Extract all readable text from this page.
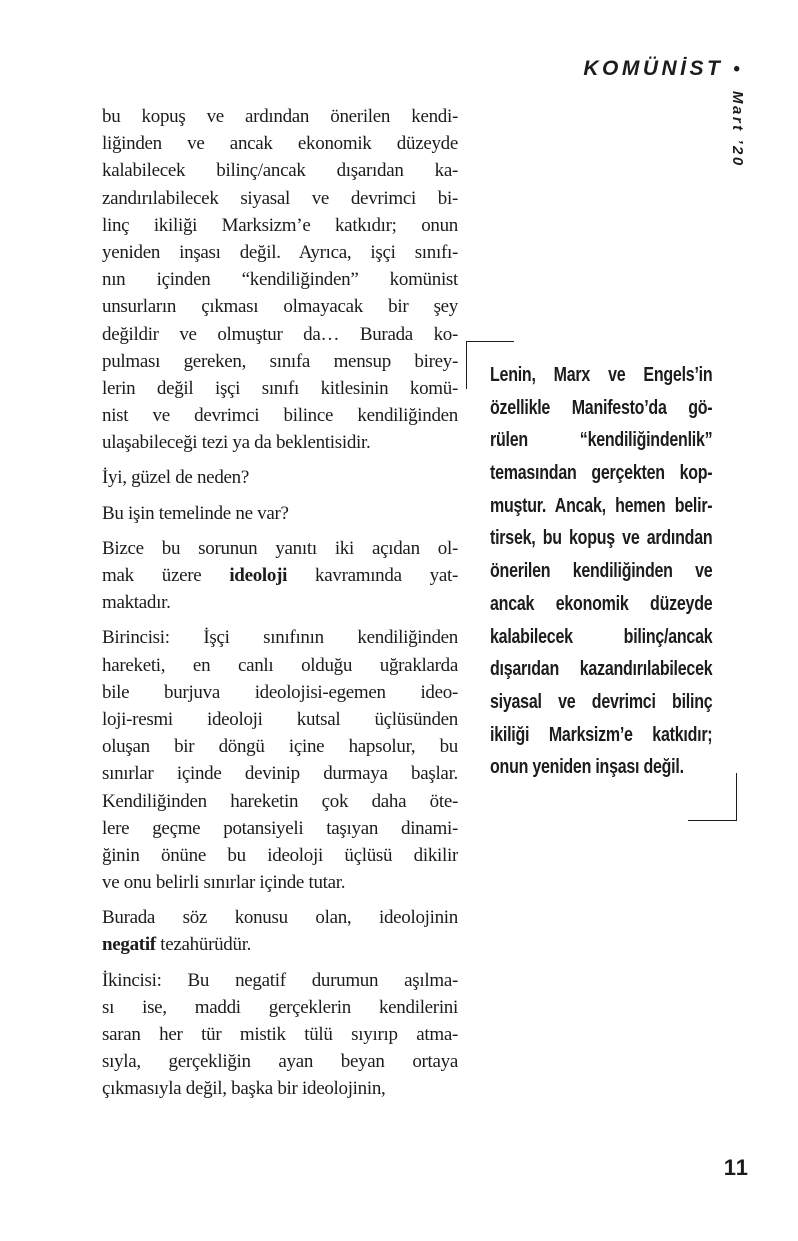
KOMÜNİST •
Mart ’20
bu kopuş ve ardından önerilen kendi-
liğinden ve ancak ekonomik düzeyde
kalabilecek bilinç/ancak dışarıdan ka-
zandırılabilecek siyasal ve devrimci bi-
linç ikiliği Marksizm’e katkıdır; onun
yeniden inşası değil. Ayrıca, işçi sınıfı-
nın içinden “kendiliğinden” komünist
unsurların çıkması olmayacak bir şey
değildir ve olmuştur da… Burada ko-
pulması gereken, sınıfa mensup birey-
lerin değil işçi sınıfı kitlesinin komü-
nist ve devrimci bilince kendiliğinden
ulaşabileceği tezi ya da beklentisidir.
İyi, güzel de neden?
Bu işin temelinde ne var?
Bizce bu sorunun yanıtı iki açıdan ol-
mak üzere ideoloji kavramında yat-
maktadır.
Birincisi: İşçi sınıfının kendiliğinden
hareketi, en canlı olduğu uğraklarda
bile burjuva ideolojisi-egemen ideo-
loji-resmi ideoloji kutsal üçlüsünden
oluşan bir döngü içine hapsolur, bu
sınırlar içinde devinip durmaya başlar.
Kendiliğinden hareketin çok daha öte-
lere geçme potansiyeli taşıyan dinami-
ğinin önüne bu ideoloji üçlüsü dikilir
ve onu belirli sınırlar içinde tutar.
Burada söz konusu olan, ideolojinin
negatif tezahürüdür.
İkincisi: Bu negatif durumun aşılma-
sı ise, maddi gerçeklerin kendilerini
saran her tür mistik tülü sıyırıp atma-
sıyla, gerçekliğin ayan beyan ortaya
çıkmasıyla değil, başka bir ideolojinin,
Lenin, Marx ve Engels’in
özellikle Manifesto’da gö-
rülen “kendiliğindenlik”
temasından gerçekten kop-
muştur. Ancak, hemen belir-
tirsek, bu kopuş ve ardından
önerilen kendiliğinden ve
ancak ekonomik düzeyde
kalabilecek bilinç/ancak
dışarıdan kazandırılabilecek
siyasal ve devrimci bilinç
ikiliği Marksizm’e katkıdır;
onun yeniden inşası değil.
11
